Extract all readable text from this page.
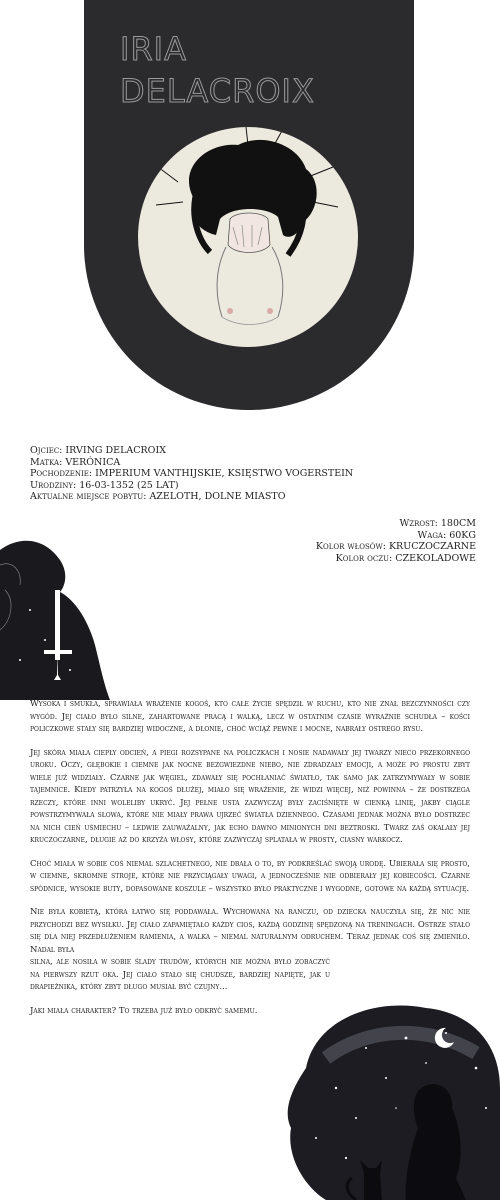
IRIA
DELACROIX
Ojciec: IRVING DELACROIX
Matka: VERÓNICA
Pochodzenie: IMPERIUM VANTHIJSKIE, KSIĘSTWO VOGERSTEIN
Urodziny: 16-03-1352 (25 LAT)
Aktualne miejsce pobytu: AZELOTH, DOLNE MIASTO
Wzrost: 180CM
Waga: 60KG
Kolor włosów: KRUCZOCZARNE
Kolor oczu: CZEKOLADOWE

Wysoka i smukła, sprawiała wrażenie kogoś, kto całe życie spędził w ruchu, kto nie znał bezczynności czy wygód. Jej ciało było silne, zahartowane pracą i walką, lecz w ostatnim czasie wyraźnie schudła – kości policzkowe stały się bardziej widoczne, a dłonie, choć wciąż pewne i mocne, nabrały ostrego rysu.

Jej skóra miała ciepły odcień, a piegi rozsypane na policzkach i nosie nadawały jej twarzy nieco przekornego uroku. Oczy, głębokie i ciemne jak nocne bezgwiezdne niebo, nie zdradzały emocji, a może po prostu zbyt wiele już widziały. Czarne jak węgiel, zdawały się pochłaniać światło, tak samo jak zatrzymywały w sobie tajemnice. Kiedy patrzyła na kogoś dłużej, miało się wrażenie, że widzi więcej, niż powinna – że dostrzega rzeczy, które inni woleliby ukryć. Jej pełne usta zazwyczaj były zaciśnięte w cienką linię, jakby ciągle powstrzymywała słowa, które nie miały prawa ujrzeć światła dziennego. Czasami jednak można było dostrzec na nich cień uśmiechu – ledwie zauważalny, jak echo dawno minionych dni beztroski. Twarz zaś okalały jej kruczoczarne, długie aż do krzyża włosy, które zazwyczaj splatała w prosty, ciasny warkocz.

Choć miała w sobie coś niemal szlachetnego, nie dbała o to, by podkreślać swoją urodę. Ubierała się prosto, w ciemne, skromne stroje, które nie przyciągały uwagi, a jednocześnie nie odbierały jej kobiecości. Czarne spódnice, wysokie buty, dopasowane koszule – wszystko było praktyczne i wygodne, gotowe na każdą sytuację.

Nie była kobietą, która łatwo się poddawała. Wychowana na ranczu, od dziecka nauczyła się, że nic nie przychodzi bez wysiłku. Jej ciało zapamiętało każdy cios, każdą godzinę spędzoną na treningach. Ostrze stało się dla niej przedłużeniem ramienia, a walka – niemal naturalnym odruchem. Teraz jednak coś się zmieniło. Nadal była

silna, ale nosiła w sobie ślady trudów, których nie można było zobaczyć na pierwszy rzut oka. Jej ciało stało się chudsze, bardziej napięte, jak u drapieżnika, który zbyt długo musiał być czujny...

Jaki miała charakter? To trzeba już było odkryć samemu.
